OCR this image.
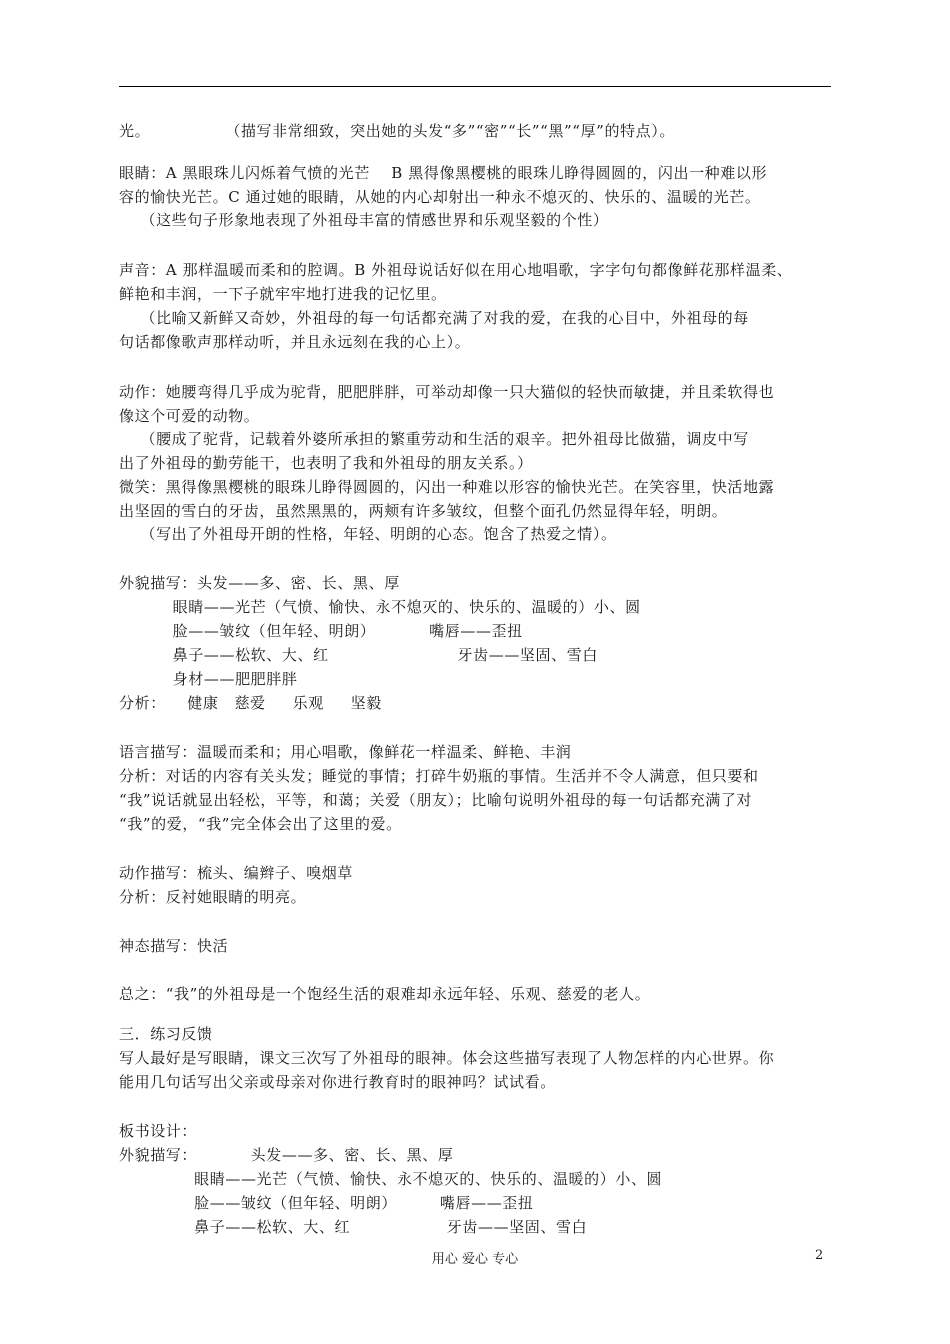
光。              （描写非常细致，突出她的头发“多”“密”“长”“黑”“厚”的特点）。
眼睛：A 黑眼珠儿闪烁着气愤的光芒    B 黑得像黑樱桃的眼珠儿睁得圆圆的，闪出一种难以形
容的愉快光芒。C 通过她的眼睛，从她的内心却射出一种永不熄灭的、快乐的、温暖的光芒。
（这些句子形象地表现了外祖母丰富的情感世界和乐观坚毅的个性）
声音：A 那样温暖而柔和的腔调。B 外祖母说话好似在用心地唱歌，字字句句都像鲜花那样温柔、
鲜艳和丰润，一下子就牢牢地打进我的记忆里。
（比喻又新鲜又奇妙，外祖母的每一句话都充满了对我的爱，在我的心目中，外祖母的每
句话都像歌声那样动听，并且永远刻在我的心上）。
动作：她腰弯得几乎成为驼背，肥肥胖胖，可举动却像一只大猫似的轻快而敏捷，并且柔软得也
像这个可爱的动物。
（腰成了驼背，记载着外婆所承担的繁重劳动和生活的艰辛。把外祖母比做猫，调皮中写
出了外祖母的勤劳能干，也表明了我和外祖母的朋友关系。）
微笑：黑得像黑樱桃的眼珠儿睁得圆圆的，闪出一种难以形容的愉快光芒。在笑容里，快活地露
出坚固的雪白的牙齿，虽然黑黑的，两颊有许多皱纹，但整个面孔仍然显得年轻，明朗。
（写出了外祖母开朗的性格，年轻、明朗的心态。饱含了热爱之情）。
外貌描写：头发——多、密、长、黑、厚
眼睛——光芒（气愤、愉快、永不熄灭的、快乐的、温暖的）小、圆
脸——皱纹（但年轻、明朗）          嘴唇——歪扭
鼻子——松软、大、红                        牙齿——坚固、雪白
身材——肥肥胖胖
分析：    健康   慈爱     乐观     坚毅
语言描写：温暖而柔和；用心唱歌，像鲜花一样温柔、鲜艳、丰润
分析：对话的内容有关头发；睡觉的事情；打碎牛奶瓶的事情。生活并不令人满意，但只要和
“我”说话就显出轻松，平等，和蔼；关爱（朋友）；比喻句说明外祖母的每一句话都充满了对
“我”的爱，“我”完全体会出了这里的爱。
动作描写：梳头、编辫子、嗅烟草
分析：反衬她眼睛的明亮。
神态描写：快活
总之：“我”的外祖母是一个饱经生活的艰难却永远年轻、乐观、慈爱的老人。
三．练习反馈
写人最好是写眼睛，课文三次写了外祖母的眼神。体会这些描写表现了人物怎样的内心世界。你
能用几句话写出父亲或母亲对你进行教育时的眼神吗？试试看。
板书设计：
外貌描写：          头发——多、密、长、黑、厚
眼睛——光芒（气愤、愉快、永不熄灭的、快乐的、温暖的）小、圆
脸——皱纹（但年轻、明朗）        嘴唇——歪扭
鼻子——松软、大、红                  牙齿——坚固、雪白
用心 爱心 专心	2
